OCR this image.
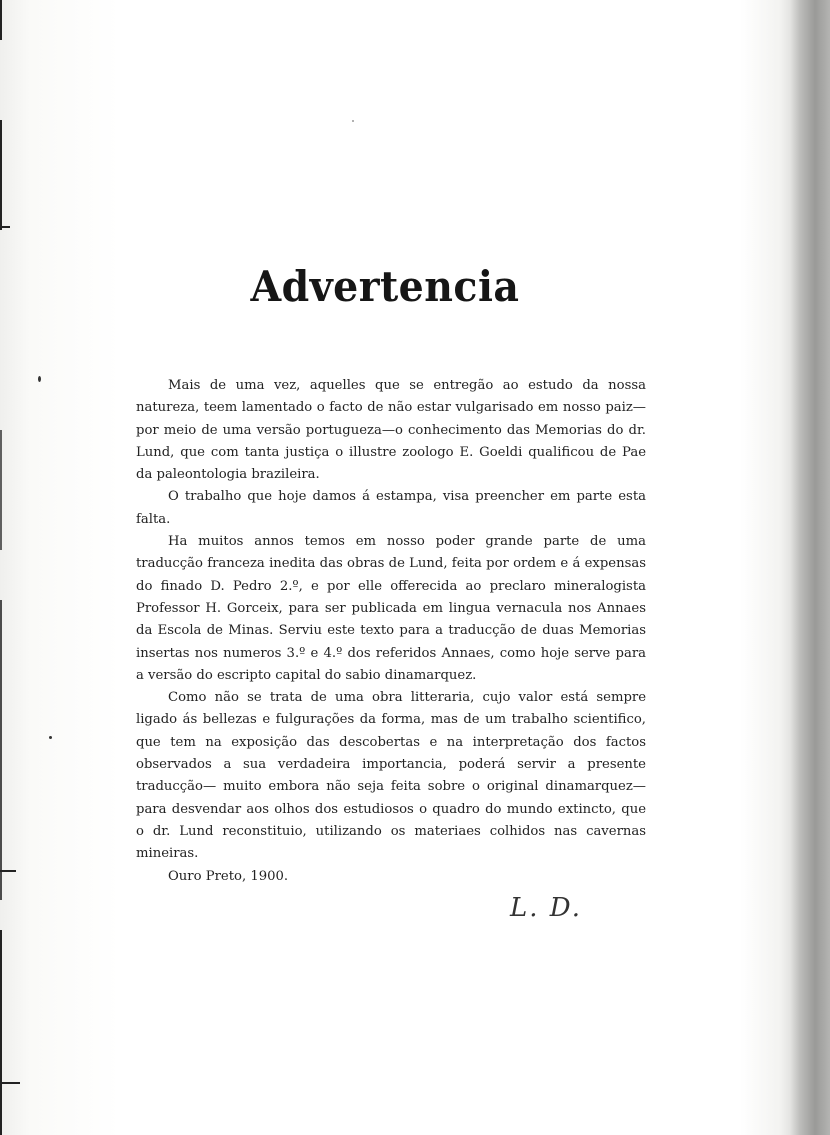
Advertencia

Mais de uma vez, aquelles que se entregão ao estudo da nossa natureza, teem lamentado o facto de não estar vulgarisado em nosso paiz—por meio de uma versão portugueza—o conhecimento das Memorias do dr. Lund, que com tanta justiça o illustre zoologo E. Goeldi qualificou de Pae da paleontologia brazileira.

O trabalho que hoje damos á estampa, visa preencher em parte esta falta.

Ha muitos annos temos em nosso poder grande parte de uma traducção franceza inedita das obras de Lund, feita por ordem e á expensas do finado D. Pedro 2.º, e por elle offerecida ao preclaro mineralogista Professor H. Gorceix, para ser publicada em lingua vernacula nos Annaes da Escola de Minas. Serviu este texto para a traducção de duas Memorias insertas nos numeros 3.º e 4.º dos referidos Annaes, como hoje serve para a versão do escripto capital do sabio dinamarquez.

Como não se trata de uma obra litteraria, cujo valor está sempre ligado ás bellezas e fulgurações da forma, mas de um trabalho scientifico, que tem na exposição das descobertas e na interpretação dos factos observados a sua verdadeira importancia, poderá servir a presente traducção— muito embora não seja feita sobre o original dinamarquez—para desvendar aos olhos dos estudiosos o quadro do mundo extincto, que o dr. Lund reconstituio, utilizando os materiaes colhidos nas cavernas mineiras.

Ouro Preto, 1900.

L. D.
